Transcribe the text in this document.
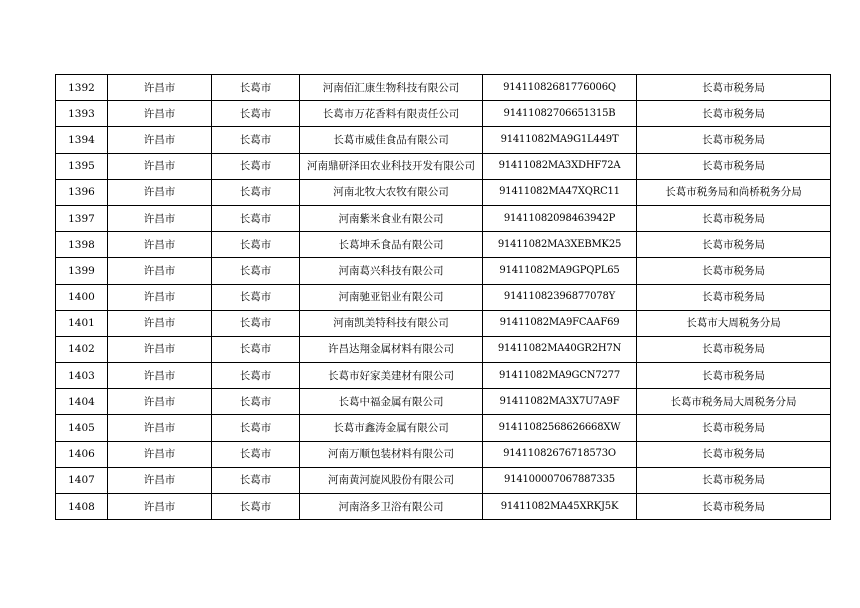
1392	许昌市	长葛市	河南佰汇康生物科技有限公司	91411082681776006Q	长葛市税务局
1393	许昌市	长葛市	长葛市万花香料有限责任公司	91411082706651315B	长葛市税务局
1394	许昌市	长葛市	长葛市威佳食品有限公司	91411082MA9G1L449T	长葛市税务局
1395	许昌市	长葛市	河南鼎研泽田农业科技开发有限公司	91411082MA3XDHF72A	长葛市税务局
1396	许昌市	长葛市	河南北牧大农牧有限公司	91411082MA47XQRC11	长葛市税务局和尚桥税务分局
1397	许昌市	长葛市	河南紫米食业有限公司	91411082098463942P	长葛市税务局
1398	许昌市	长葛市	长葛坤禾食品有限公司	91411082MA3XEBMK25	长葛市税务局
1399	许昌市	长葛市	河南葛兴科技有限公司	91411082MA9GPQPL65	长葛市税务局
1400	许昌市	长葛市	河南驰亚铝业有限公司	91411082396877078Y	长葛市税务局
1401	许昌市	长葛市	河南凯美特科技有限公司	91411082MA9FCAAF69	长葛市大周税务分局
1402	许昌市	长葛市	许昌达翔金属材料有限公司	91411082MA40GR2H7N	长葛市税务局
1403	许昌市	长葛市	长葛市好家美建材有限公司	91411082MA9GCN7277	长葛市税务局
1404	许昌市	长葛市	长葛中福金属有限公司	91411082MA3X7U7A9F	长葛市税务局大周税务分局
1405	许昌市	长葛市	长葛市鑫涛金属有限公司	91411082568626668XW	长葛市税务局
1406	许昌市	长葛市	河南万顺包装材料有限公司	91411082676718573O	长葛市税务局
1407	许昌市	长葛市	河南黄河旋风股份有限公司	914100007067887335	长葛市税务局
1408	许昌市	长葛市	河南洛多卫浴有限公司	91411082MA45XRKJ5K	长葛市税务局
